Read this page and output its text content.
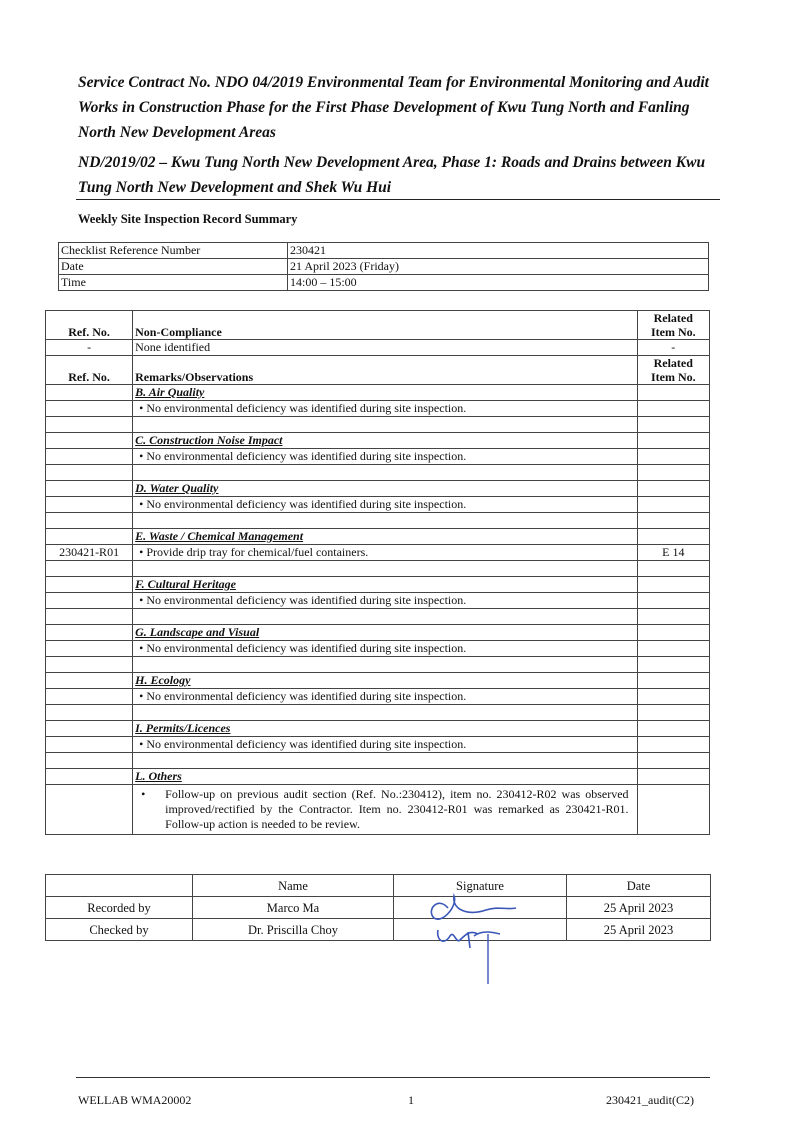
Service Contract No. NDO 04/2019 Environmental Team for Environmental Monitoring and Audit Works in Construction Phase for the First Phase Development of Kwu Tung North and Fanling North New Development Areas
ND/2019/02 – Kwu Tung North New Development Area, Phase 1: Roads and Drains between Kwu Tung North New Development and Shek Wu Hui
Weekly Site Inspection Record Summary
Checklist Reference Number	230421
Date	21 April 2023 (Friday)
Time	14:00 – 15:00
Ref. No.	Non-Compliance	Related
Item No.
-	None identified	-
Ref. No.	Remarks/Observations	Related
Item No.
	B. Air Quality	
	• No environmental deficiency was identified during site inspection.	

	C. Construction Noise Impact	
	• No environmental deficiency was identified during site inspection.	

	D. Water Quality	
	• No environmental deficiency was identified during site inspection.	

	E. Waste / Chemical Management	
230421-R01	• Provide drip tray for chemical/fuel containers.	E 14

	F. Cultural Heritage	
	• No environmental deficiency was identified during site inspection.	

	G. Landscape and Visual	
	• No environmental deficiency was identified during site inspection.	

	H. Ecology	
	• No environmental deficiency was identified during site inspection.	

	I. Permits/Licences	
	• No environmental deficiency was identified during site inspection.	

	L. Others	

	• Follow-up on previous audit section (Ref. No.:230412), item no. 230412-R02 was observed improved/rectified by the Contractor. Item no. 230412-R01 was remarked as 230421-R01. Follow-up action is needed to be review.	

	Name	Signature	Date
Recorded by	Marco Ma		25 April 2023
Checked by	Dr. Priscilla Choy		25 April 2023
WELLAB WMA20002	1	230421_audit(C2)
